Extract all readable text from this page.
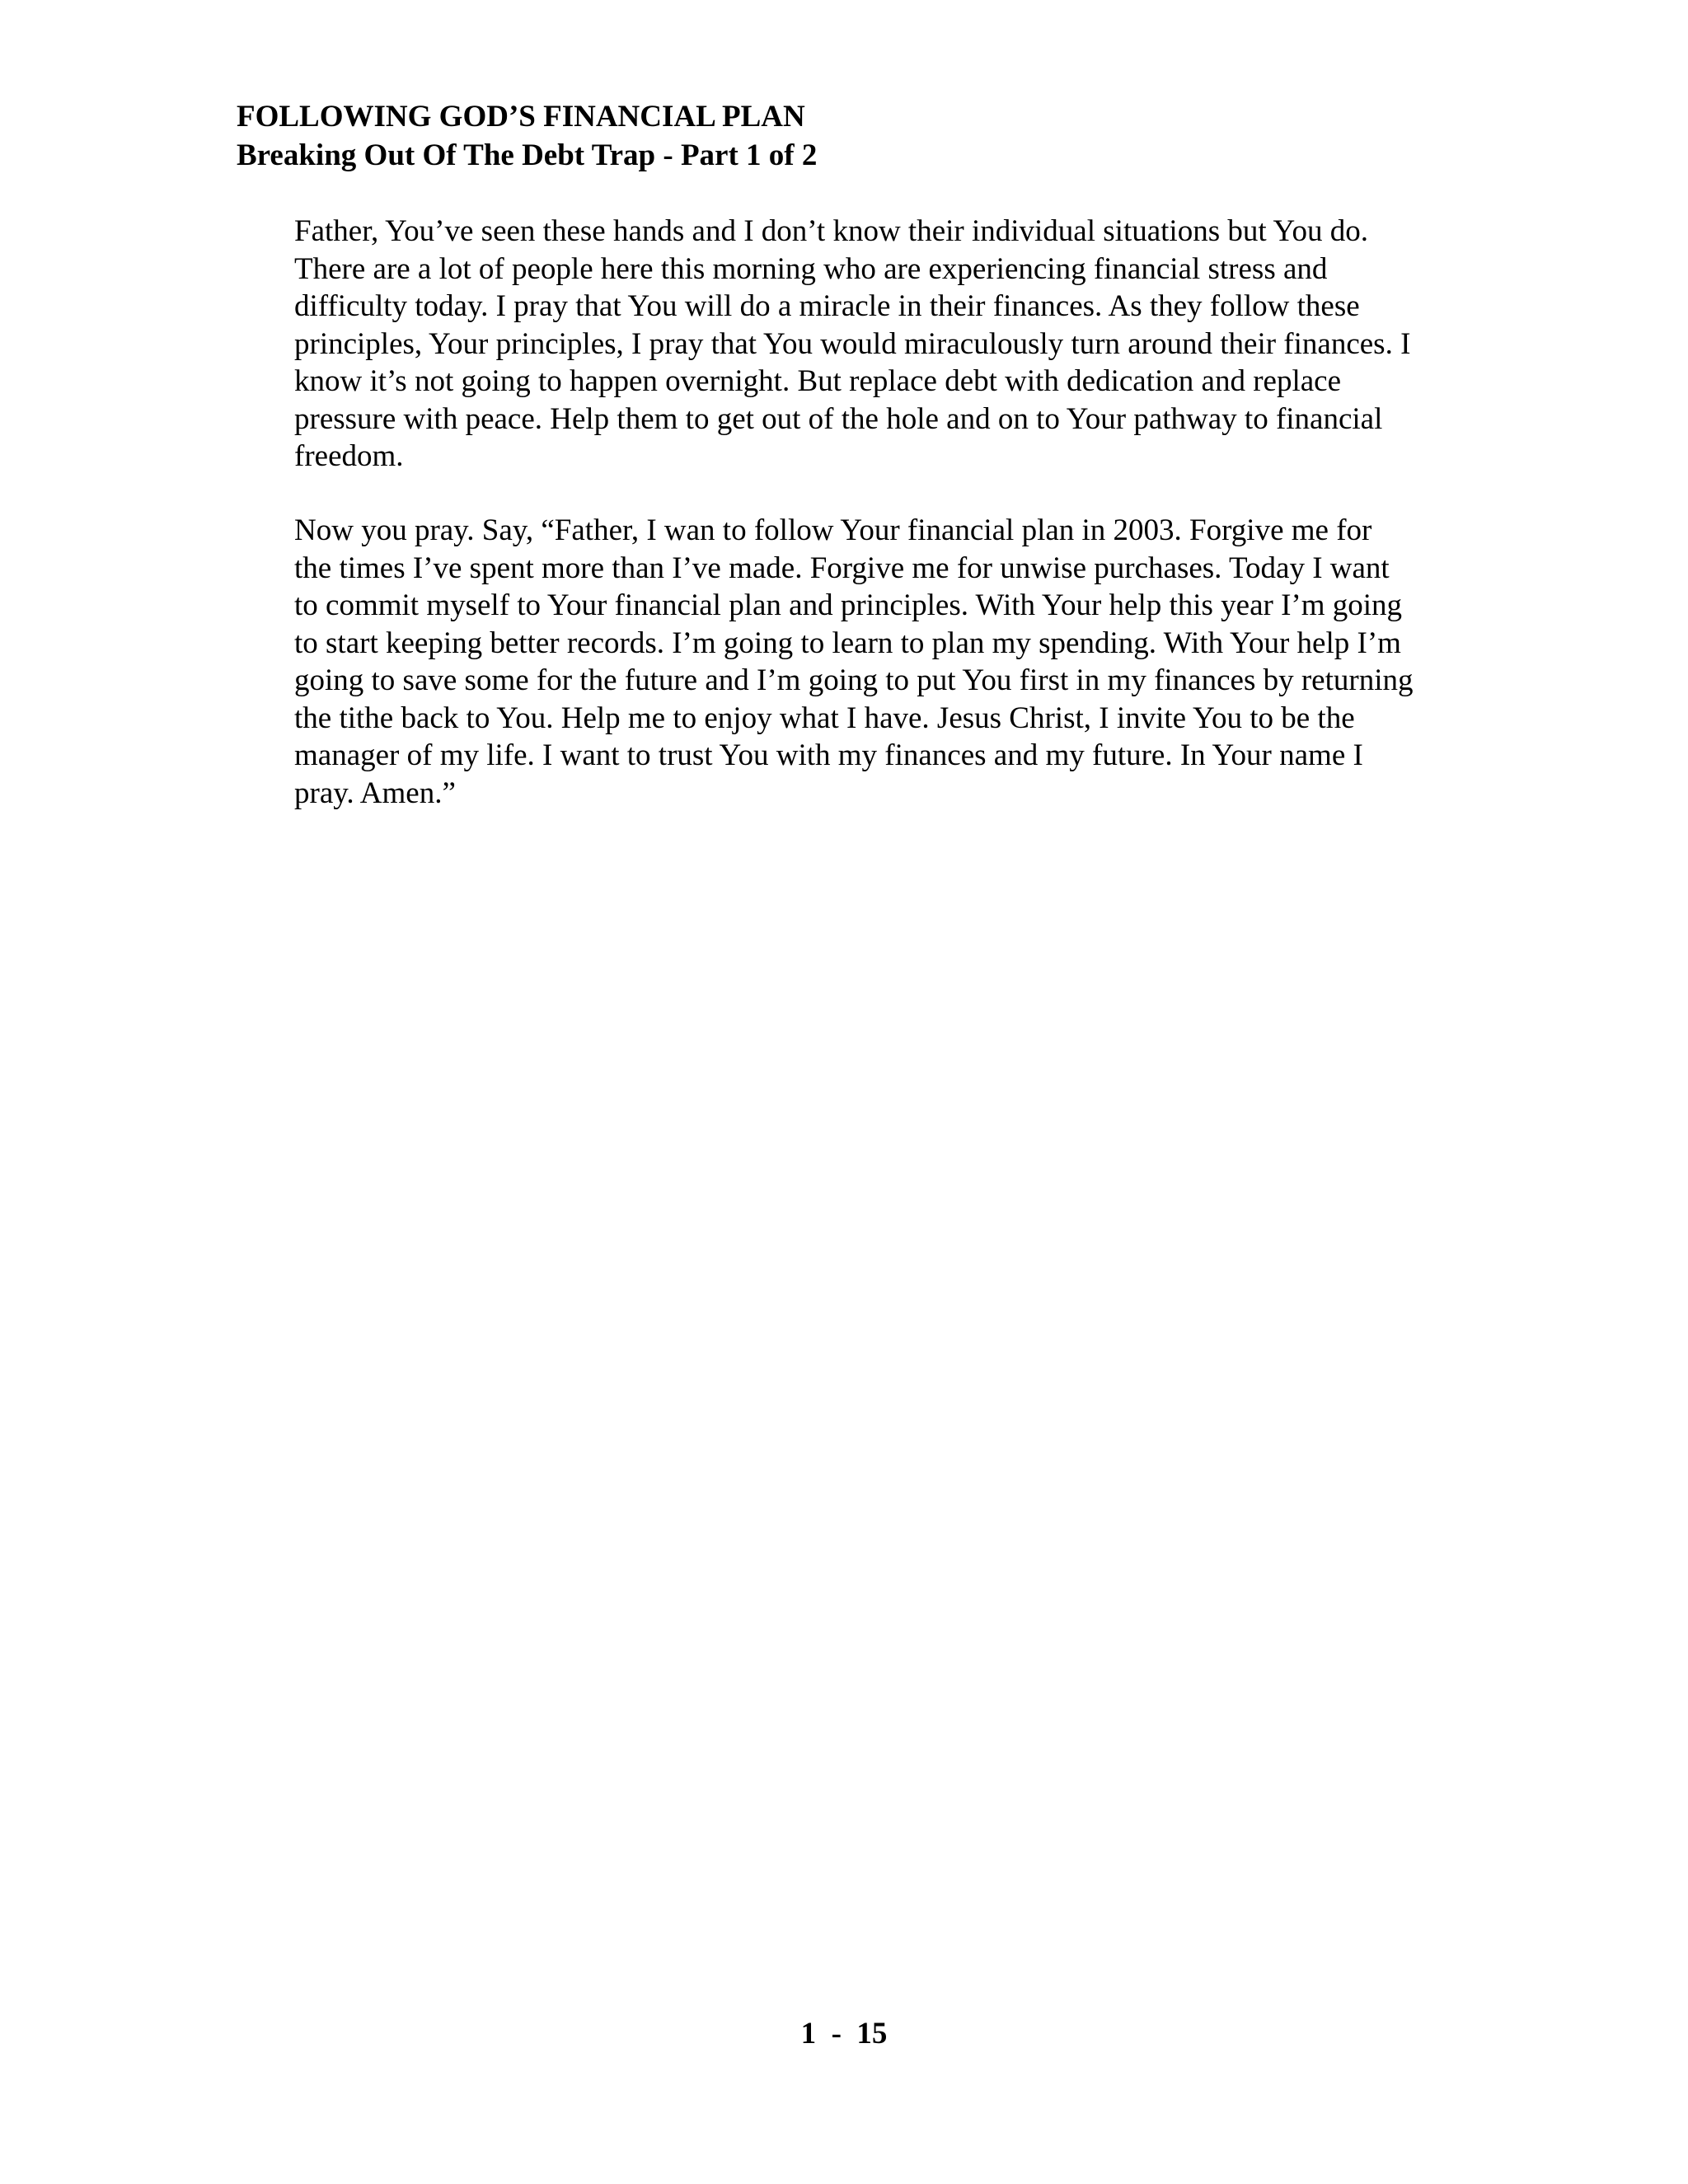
FOLLOWING GOD’S FINANCIAL PLAN
Breaking Out Of The Debt Trap - Part 1 of 2
Father, You’ve seen these hands and I don’t know their individual situations but You do.
There are a lot of people here this morning who are experiencing financial stress and
difficulty today. I pray that You will do a miracle in their finances. As they follow these
principles, Your principles, I pray that You would miraculously turn around their finances. I
know it’s not going to happen overnight. But replace debt with dedication and replace
pressure with peace. Help them to get out of the hole and on to Your pathway to financial
freedom.
Now you pray. Say, “Father, I wan to follow Your financial plan in 2003. Forgive me for
the times I’ve spent more than I’ve made. Forgive me for unwise purchases. Today I want
to commit myself to Your financial plan and principles. With Your help this year I’m going
to start keeping better records. I’m going to learn to plan my spending. With Your help I’m
going to save some for the future and I’m going to put You first in my finances by returning
the tithe back to You. Help me to enjoy what I have. Jesus Christ, I invite You to be the
manager of my life. I want to trust You with my finances and my future. In Your name I
pray. Amen.”
1  -  15
